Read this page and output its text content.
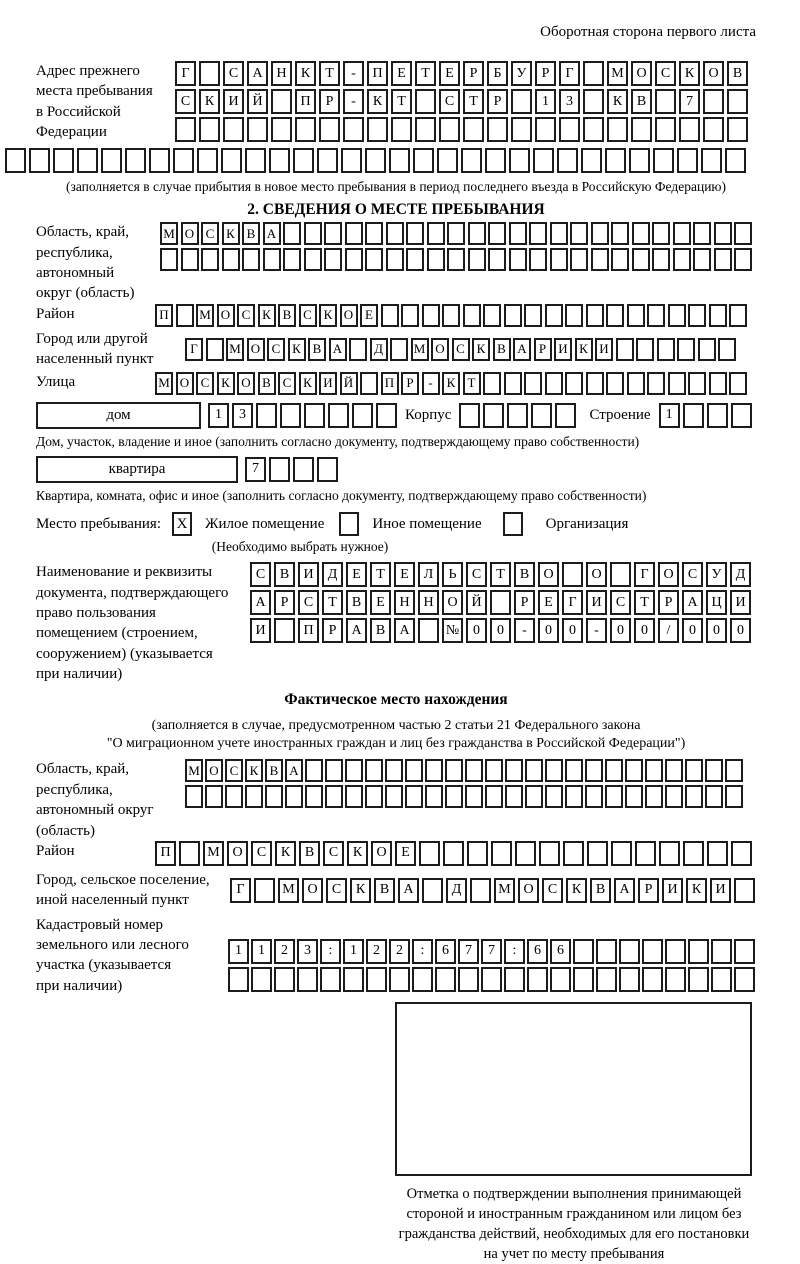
Оборотная сторона первого листа
Адрес прежнего
места пребывания
в Российской
Федерации
Г	С	А Н	К	Т	-	П	Е	Т	Е	Р	Б	У	Р	Г	М О	С	К	О	В
С	К	И Й	П	Р	-	К	Т	С	Т	Р	1	3	К	В	7
(заполняется в случае прибытия в новое место пребывания в период последнего въезда в Российскую Федерацию)
2. СВЕДЕНИЯ О МЕСТЕ ПРЕБЫВАНИЯ
Область, край,
республика,
автономный
округ (область)
М О С К В А
Район	П	М О С К В С К О Е
Город или другой
населенный пункт
Г	М О С К В А	Д	М О С К В А Р И К И
Улица	М О С К О В С К И Й	П Р	-	К Т
дом	1	3	Корпус	Строение	1
Дом, участок, владение и иное (заполнить согласно документу, подтверждающему право собственности)
квартира	7
Квартира, комната, офис и иное (заполнить согласно документу, подтверждающему право собственности)
Место пребывания:	X	Жилое помещение	Иное помещение	Организация
(Необходимо выбрать нужное)
Наименование и реквизиты
документа, подтверждающего
право пользования
помещением (строением,
сооружением) (указывается
при наличии)
С	В	И	Д	Е	Т	Е	Л	Ь	С	Т	В	О	О	Г	О	С	У	Д
А	Р	С	Т	В	Е	Н Н О Й	Р	Е	Г	И	С	Т	Р	А Ц И
И	П	Р	А	В	А	№ 0	0	-	0	0	-	0	0	/	0	0	0
Фактическое место нахождения
(заполняется в случае, предусмотренном частью 2 статьи 21 Федерального закона
"О миграционном учете иностранных граждан и лиц без гражданства в Российской Федерации")
Область, край,
республика,
автономный округ
(область)
М О С К В А
Район	П	М О	С	К	В	С	К	О	Е
Город, сельское поселение,
иной населенный пункт
Г	М О	С	К	В	А	Д	М О	С	К	В	А	Р	И	К	И
Кадастровый номер
земельного или лесного
участка (указывается
при наличии)
1	1	2	3	:	1	2	2	:	6	7	7	:	6	6
Отметка о подтверждении выполнения принимающей
стороной и иностранным гражданином или лицом без
гражданства действий, необходимых для его постановки
на учет по месту пребывания
